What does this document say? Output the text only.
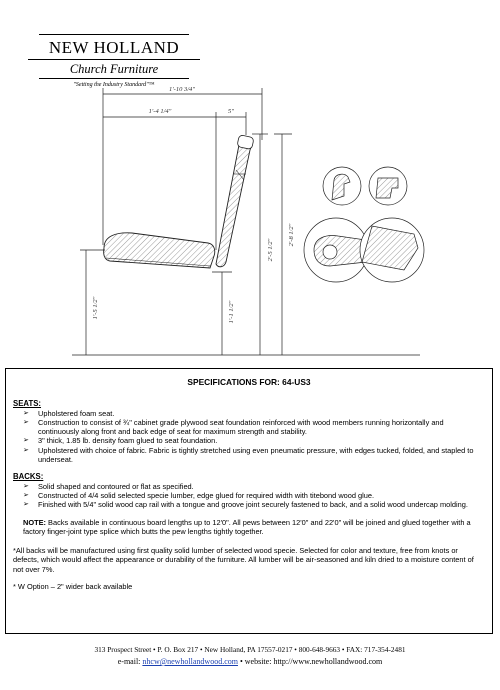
NEW HOLLAND
Church Furniture
"Setting the Industry Standard"™
1'-10 3/4"
1'-4 1/4"	5"
2'-5 1/2"
2'-8 1/2"
1'-5 1/2"	1'-1 1/2"
SPECIFICATIONS FOR: 64-US3
SEATS:
➢ Upholstered foam seat.
➢ Construction to consist of ¾" cabinet grade plywood seat foundation reinforced with wood members running horizontally and continuously along front and back edge of seat for maximum strength and stability.
➢ 3" thick, 1.85 lb. density foam glued to seat foundation.
➢ Upholstered with choice of fabric. Fabric is tightly stretched using even pneumatic pressure, with edges tucked, folded, and stapled to underseat.
BACKS:
➢ Solid shaped and contoured or flat as specified.
➢ Constructed of 4/4 solid selected specie lumber, edge glued for required width with titebond wood glue.
➢ Finished with 5/4" solid wood cap rail with a tongue and groove joint securely fastened to back, and a solid wood undercap molding.
NOTE: Backs available in continuous board lengths up to 12'0". All pews between 12'0" and 22'0" will be joined and glued together with a factory finger-joint type splice which butts the pew lengths tightly together.
*All backs will be manufactured using first quality solid lumber of selected wood specie. Selected for color and texture, free from knots or defects, which would affect the appearance or durability of the furniture. All lumber will be air-seasoned and kiln dried to a moisture content of not over 7%.
* W Option – 2" wider back available
313 Prospect Street • P. O. Box 217 • New Holland, PA 17557-0217 • 800-648-9663 • FAX: 717-354-2481
e-mail: nhcw@newhollandwood.com • website: http://www.newhollandwood.com
